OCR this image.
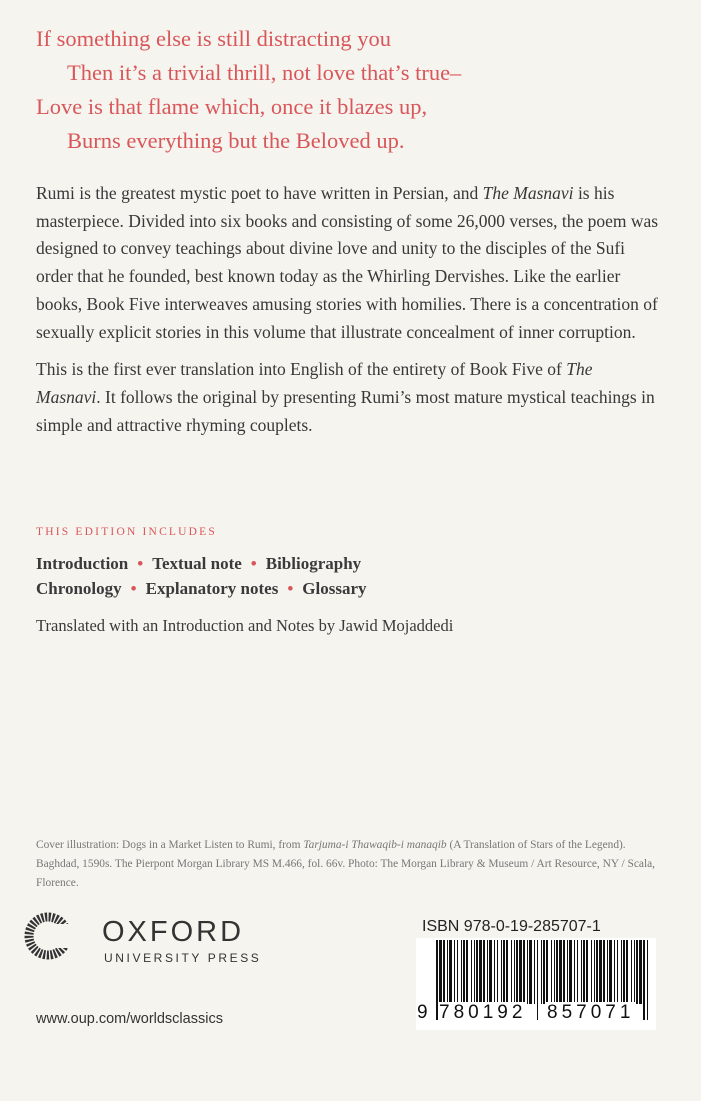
If something else is still distracting you
Then it’s a trivial thrill, not love that’s true–
Love is that flame which, once it blazes up,
Burns everything but the Beloved up.

Rumi is the greatest mystic poet to have written in Persian, and The Masnavi is his masterpiece. Divided into six books and consisting of some 26,000 verses, the poem was designed to convey teachings about divine love and unity to the disciples of the Sufi order that he founded, best known today as the Whirling Dervishes. Like the earlier books, Book Five interweaves amusing stories with homilies. There is a concentration of sexually explicit stories in this volume that illustrate concealment of inner corruption.

This is the first ever translation into English of the entirety of Book Five of The Masnavi. It follows the original by presenting Rumi’s most mature mystical teachings in simple and attractive rhyming couplets.

THIS EDITION INCLUDES
Introduction • Textual note • Bibliography
Chronology • Explanatory notes • Glossary
Translated with an Introduction and Notes by Jawid Mojaddedi
Cover illustration: Dogs in a Market Listen to Rumi, from Tarjuma-i Thawaqib-i manaqib (A Translation of Stars of the Legend). Baghdad, 1590s. The Pierpont Morgan Library MS M.466, fol. 66v. Photo: The Morgan Library & Museum / Art Resource, NY / Scala, Florence.
OXFORD
UNIVERSITY PRESS
www.oup.com/worldsclassics
ISBN 978-0-19-285707-1
9 780192 857071
